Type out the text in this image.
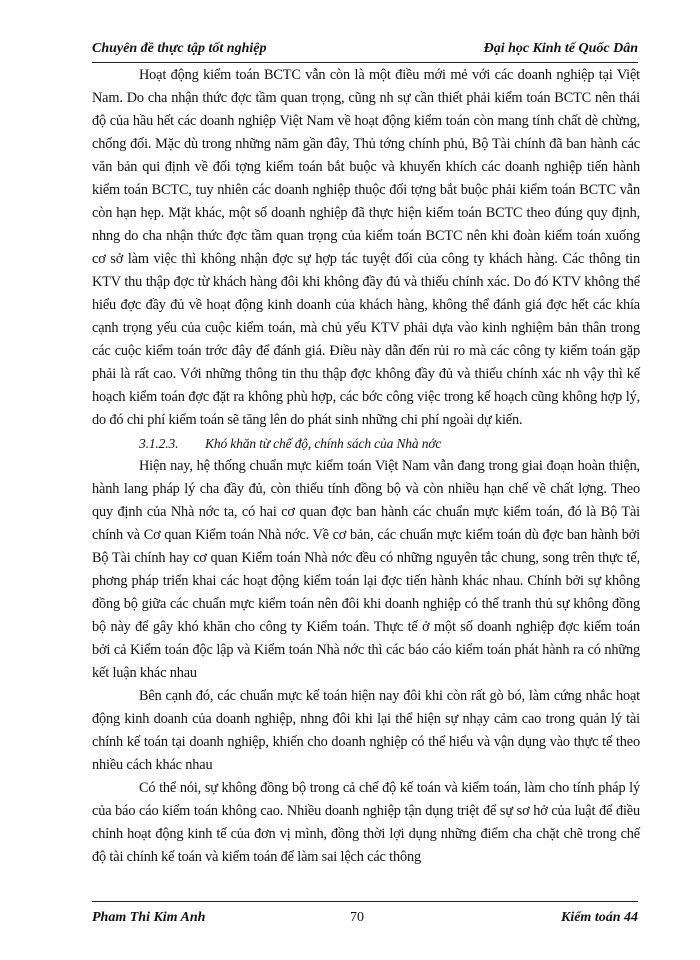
Chuyên đề thực tập tốt nghiệp	Đại học Kinh tế Quốc Dân

Hoạt động kiểm toán BCTC vẫn còn là một điều mới mẻ với các doanh nghiệp tại Việt Nam. Do cha nhận thức đợc tầm quan trọng, cũng nh sự cần thiết phải kiểm toán BCTC nên thái độ của hầu hết các doanh nghiệp Việt Nam về hoạt động kiểm toán còn mang tính chất dè chừng, chống đối. Mặc dù trong những năm gần đây, Thủ tớng chính phủ, Bộ Tài chính đã ban hành các văn bản qui định về đối tợng kiểm toán bắt buộc và khuyến khích các doanh nghiệp tiến hành kiểm toán BCTC, tuy nhiên các doanh nghiệp thuộc đối tợng bắt buộc phải kiểm toán BCTC vẫn còn hạn hẹp. Mặt khác, một số doanh nghiệp đã thực hiện kiểm toán BCTC theo đúng quy định, nhng do cha nhận thức đợc tầm quan trọng của kiểm toán BCTC nên khi đoàn kiểm toán xuống cơ sở làm việc thì không nhận đợc sự hợp tác tuyệt đối của công ty khách hàng. Các thông tin KTV thu thập đợc từ khách hàng đôi khi không đầy đủ và thiếu chính xác. Do đó KTV không thể hiểu đợc đầy đủ về hoạt động kinh doanh của khách hàng, không thể đánh giá đợc hết các khía cạnh trọng yếu của cuộc kiểm toán, mà chủ yếu KTV phải dựa vào kinh nghiệm bản thân trong các cuộc kiểm toán trớc đây để đánh giá. Điều này dẫn đến rủi ro mà các công ty kiểm toán gặp phải là rất cao. Với những thông tin thu thập đợc không đầy đủ và thiếu chính xác nh vậy thì kế hoạch kiểm toán đợc đặt ra không phù hợp, các bớc công việc trong kế hoạch cũng không hợp lý, do đó chi phí kiểm toán sẽ tăng lên do phát sinh những chi phí ngoài dự kiến.

3.1.2.3. Khó khăn từ chế độ, chính sách của Nhà nớc

Hiện nay, hệ thống chuẩn mực kiểm toán Việt Nam vẫn đang trong giai đoạn hoàn thiện, hành lang pháp lý cha đầy đủ, còn thiếu tính đồng bộ và còn nhiều hạn chế về chất lợng. Theo quy định của Nhà nớc ta, có hai cơ quan đợc ban hành các chuẩn mực kiểm toán, đó là Bộ Tài chính và Cơ quan Kiểm toán Nhà nớc. Về cơ bản, các chuẩn mực kiểm toán dù đợc ban hành bởi Bộ Tài chính hay cơ quan Kiểm toán Nhà nớc đều có những nguyên tắc chung, song trên thực tế, phơng pháp triển khai các hoạt động kiểm toán lại đợc tiến hành khác nhau. Chính bởi sự không đồng bộ giữa các chuẩn mực kiểm toán nên đôi khi doanh nghiệp có thể tranh thủ sự không đồng bộ này để gây khó khăn cho công ty Kiểm toán. Thực tế ở một số doanh nghiệp đợc kiểm toán bởi cả Kiểm toán độc lập và Kiểm toán Nhà nớc thì các báo cáo kiểm toán phát hành ra có những kết luận khác nhau

Bên cạnh đó, các chuẩn mực kế toán hiện nay đôi khi còn rất gò bó, làm cứng nhắc hoạt động kinh doanh của doanh nghiệp, nhng đôi khi lại thể hiện sự nhạy cảm cao trong quản lý tài chính kế toán tại doanh nghiệp, khiến cho doanh nghiệp có thể hiểu và vận dụng vào thực tế theo nhiều cách khác nhau

Có thể nói, sự không đồng bộ trong cả chế độ kế toán và kiểm toán, làm cho tính pháp lý của báo cáo kiểm toán không cao. Nhiều doanh nghiệp tận dụng triệt để sự sơ hở của luật để điều chỉnh hoạt động kinh tế của đơn vị mình, đồng thời lợi dụng những điểm cha chặt chẽ trong chế độ tài chính kế toán và kiểm toán để làm sai lệch các thông

Pham Thi Kim Anh	70	Kiểm toán 44
